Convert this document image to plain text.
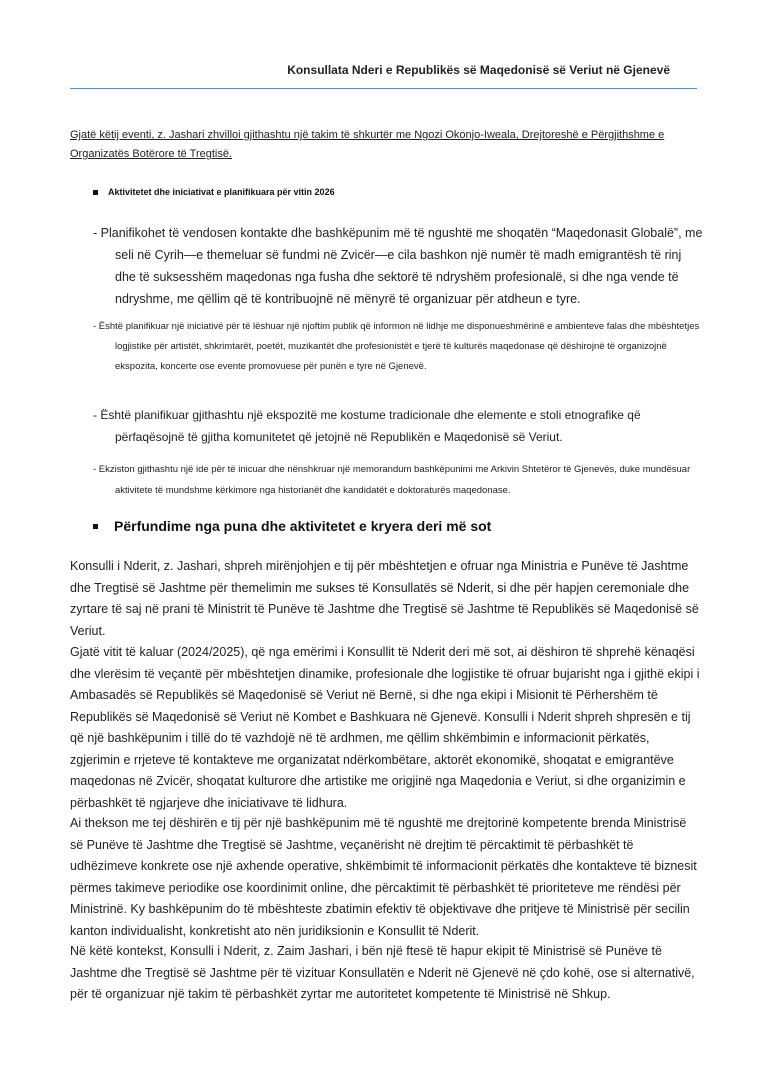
Konsullata Nderi e Republikës së Maqedonisë së Veriut në Gjenevë
Gjatë këtij eventi, z. Jashari zhvilloi gjithashtu një takim të shkurtër me Ngozi Okonjo-Iweala, Drejtoreshë e Përgjithshme e Organizatës Botërore të Tregtisë.
Aktivitetet dhe iniciativat e planifikuara për vitin 2026
- Planifikohet të vendosen kontakte dhe bashkëpunim më të ngushtë me shoqatën “Maqedonasit Globalë”, me seli në Cyrih—e themeluar së fundmi në Zvicër—e cila bashkon një numër të madh emigrantësh të rinj dhe të suksesshëm maqedonas nga fusha dhe sektorë të ndryshëm profesionalë, si dhe nga vende të ndryshme, me qëllim që të kontribuojnë në mënyrë të organizuar për atdheun e tyre.
- Është planifikuar një iniciativë për të lëshuar një njoftim publik që informon në lidhje me disponueshmërinë e ambienteve falas dhe mbështetjes logjistike për artistët, shkrimtarët, poetët, muzikantët dhe profesionistët e tjerë të kulturës maqedonase që dëshirojnë të organizojnë ekspozita, koncerte ose evente promovuese për punën e tyre në Gjenevë.
- Është planifikuar gjithashtu një ekspozitë me kostume tradicionale dhe elemente e stoli etnografike që përfaqësojnë të gjitha komunitetet që jetojnë në Republikën e Maqedonisë së Veriut.
- Ekziston gjithashtu një ide për të inicuar dhe nënshkruar një memorandum bashkëpunimi me Arkivin Shtetëror të Gjenevës, duke mundësuar aktivitete të mundshme kërkimore nga historianët dhe kandidatët e doktoraturës maqedonase.
Përfundime nga puna dhe aktivitetet e kryera deri më sot
Konsulli i Nderit, z. Jashari, shpreh mirënjohjen e tij për mbështetjen e ofruar nga Ministria e Punëve të Jashtme dhe Tregtisë së Jashtme për themelimin me sukses të Konsullatës së Nderit, si dhe për hapjen ceremoniale dhe zyrtare të saj në prani të Ministrit të Punëve të Jashtme dhe Tregtisë së Jashtme të Republikës së Maqedonisë së Veriut.
Gjatë vitit të kaluar (2024/2025), që nga emërimi i Konsullit të Nderit deri më sot, ai dëshiron të shprehë kënaqësi dhe vlerësim të veçantë për mbështetjen dinamike, profesionale dhe logjistike të ofruar bujarisht nga i gjithë ekipi i Ambasadës së Republikës së Maqedonisë së Veriut në Bernë, si dhe nga ekipi i Misionit të Përhershëm të Republikës së Maqedonisë së Veriut në Kombet e Bashkuara në Gjenevë. Konsulli i Nderit shpreh shpresën e tij që një bashkëpunim i tillë do të vazhdojë në të ardhmen, me qëllim shkëmbimin e informacionit përkatës, zgjerimin e rrjeteve të kontakteve me organizatat ndërkombëtare, aktorët ekonomikë, shoqatat e emigrantëve maqedonas në Zvicër, shoqatat kulturore dhe artistike me origjinë nga Maqedonia e Veriut, si dhe organizimin e përbashkët të ngjarjeve dhe iniciativave të lidhura.
Ai thekson me tej dëshirën e tij për një bashkëpunim më të ngushtë me drejtorinë kompetente brenda Ministrisë së Punëve të Jashtme dhe Tregtisë së Jashtme, veçanërisht në drejtim të përcaktimit të përbashkët të udhëzimeve konkrete ose një axhende operative, shkëmbimit të informacionit përkatës dhe kontakteve të biznesit përmes takimeve periodike ose koordinimit online, dhe përcaktimit të përbashkët të prioriteteve me rëndësi për Ministrinë. Ky bashkëpunim do të mbështeste zbatimin efektiv të objektivave dhe pritjeve të Ministrisë për secilin kanton individualisht, konkretisht ato nën juridiksionin e Konsullit të Nderit.
Në këtë kontekst, Konsulli i Nderit, z. Zaim Jashari, i bën një ftesë të hapur ekipit të Ministrisë së Punëve të Jashtme dhe Tregtisë së Jashtme për të vizituar Konsullatën e Nderit në Gjenevë në çdo kohë, ose si alternativë, për të organizuar një takim të përbashkët zyrtar me autoritetet kompetente të Ministrisë në Shkup.
